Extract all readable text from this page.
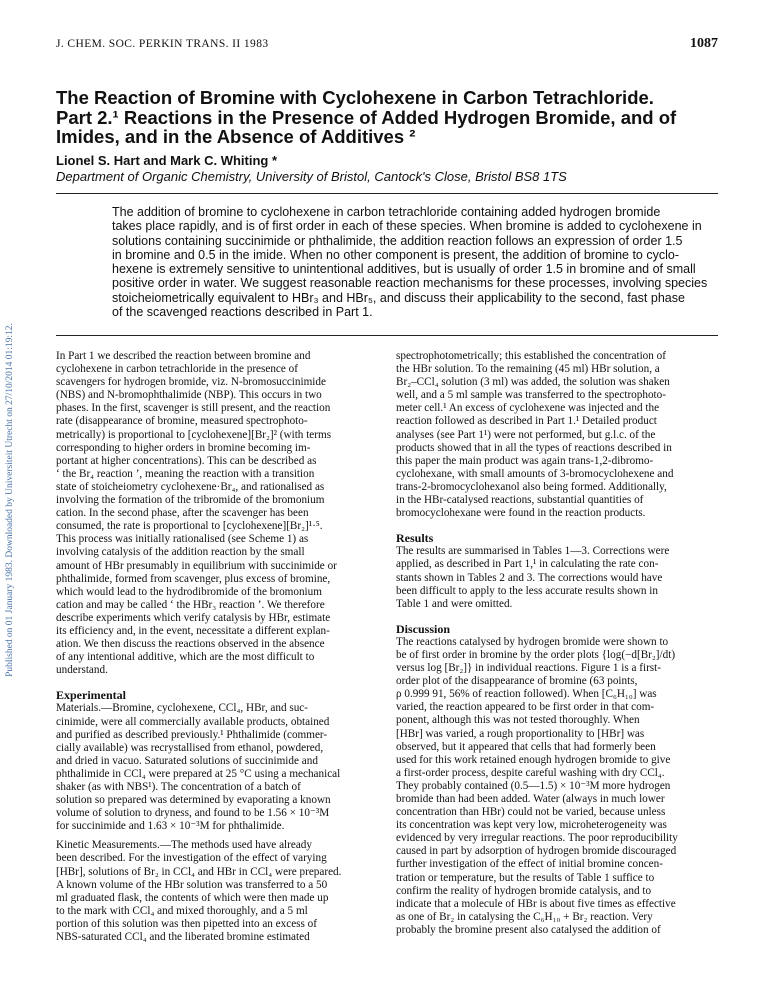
Published on 01 January 1983. Downloaded by Universiteit Utrecht on 27/10/2014 01:19:12.
J. CHEM. SOC. PERKIN TRANS. II 1983	1087
The Reaction of Bromine with Cyclohexene in Carbon Tetrachloride.
Part 2.¹ Reactions in the Presence of Added Hydrogen Bromide, and of
Imides, and in the Absence of Additives ²
Lionel S. Hart and Mark C. Whiting *
Department of Organic Chemistry, University of Bristol, Cantock's Close, Bristol BS8 1TS
The addition of bromine to cyclohexene in carbon tetrachloride containing added hydrogen bromide
takes place rapidly, and is of first order in each of these species. When bromine is added to cyclohexene in
solutions containing succinimide or phthalimide, the addition reaction follows an expression of order 1.5
in bromine and 0.5 in the imide. When no other component is present, the addition of bromine to cyclo-
hexene is extremely sensitive to unintentional additives, but is usually of order 1.5 in bromine and of small
positive order in water. We suggest reasonable reaction mechanisms for these processes, involving species
stoicheiometrically equivalent to HBr₃ and HBr₅, and discuss their applicability to the second, fast phase
of the scavenged reactions described in Part 1.
In Part 1 we described the reaction between bromine and
cyclohexene in carbon tetrachloride in the presence of
scavengers for hydrogen bromide, viz. N-bromosuccinimide
(NBS) and N-bromophthalimide (NBP). This occurs in two
phases. In the first, scavenger is still present, and the reaction
rate (disappearance of bromine, measured spectrophoto-
metrically) is proportional to [cyclohexene][Br₂]² (with terms
corresponding to higher orders in bromine becoming im-
portant at higher concentrations). This can be described as
‘ the Br₄ reaction ’, meaning the reaction with a transition
state of stoicheiometry cyclohexene·Br₄, and rationalised as
involving the formation of the tribromide of the bromonium
cation. In the second phase, after the scavenger has been
consumed, the rate is proportional to [cyclohexene][Br₂]¹·⁵.
This process was initially rationalised (see Scheme 1) as
involving catalysis of the addition reaction by the small
amount of HBr presumably in equilibrium with succinimide or
phthalimide, formed from scavenger, plus excess of bromine,
which would lead to the hydrodibromide of the bromonium
cation and may be called ‘ the HBr₃ reaction ’. We therefore
describe experiments which verify catalysis by HBr, estimate
its efficiency and, in the event, necessitate a different explan-
ation. We then discuss the reactions observed in the absence
of any intentional additive, which are the most difficult to
understand.

Experimental
Materials.—Bromine, cyclohexene, CCl₄, HBr, and suc-
cinimide, were all commercially available products, obtained
and purified as described previously.¹ Phthalimide (commer-
cially available) was recrystallised from ethanol, powdered,
and dried in vacuo. Saturated solutions of succinimide and
phthalimide in CCl₄ were prepared at 25 °C using a mechanical
shaker (as with NBS¹). The concentration of a batch of
solution so prepared was determined by evaporating a known
volume of solution to dryness, and found to be 1.56 × 10⁻³M
for succinimide and 1.63 × 10⁻³M for phthalimide.

Kinetic Measurements.—The methods used have already
been described. For the investigation of the effect of varying
[HBr], solutions of Br₂ in CCl₄ and HBr in CCl₄ were prepared.
A known volume of the HBr solution was transferred to a 50
ml graduated flask, the contents of which were then made up
to the mark with CCl₄ and mixed thoroughly, and a 5 ml
portion of this solution was then pipetted into an excess of
NBS-saturated CCl₄ and the liberated bromine estimated
spectrophotometrically; this established the concentration of
the HBr solution. To the remaining (45 ml) HBr solution, a
Br₂–CCl₄ solution (3 ml) was added, the solution was shaken
well, and a 5 ml sample was transferred to the spectrophoto-
meter cell.¹ An excess of cyclohexene was injected and the
reaction followed as described in Part 1.¹ Detailed product
analyses (see Part 1¹) were not performed, but g.l.c. of the
products showed that in all the types of reactions described in
this paper the main product was again trans-1,2-dibromo-
cyclohexane, with small amounts of 3-bromocyclohexene and
trans-2-bromocyclohexanol also being formed. Additionally,
in the HBr-catalysed reactions, substantial quantities of
bromocyclohexane were found in the reaction products.

Results
The results are summarised in Tables 1—3. Corrections were
applied, as described in Part 1,¹ in calculating the rate con-
stants shown in Tables 2 and 3. The corrections would have
been difficult to apply to the less accurate results shown in
Table 1 and were omitted.

Discussion
The reactions catalysed by hydrogen bromide were shown to
be of first order in bromine by the order plots {log(−d[Br₂]/dt)
versus log [Br₂]} in individual reactions. Figure 1 is a first-
order plot of the disappearance of bromine (63 points,
ρ 0.999 91, 56% of reaction followed). When [C₆H₁₀] was
varied, the reaction appeared to be first order in that com-
ponent, although this was not tested thoroughly. When
[HBr] was varied, a rough proportionality to [HBr] was
observed, but it appeared that cells that had formerly been
used for this work retained enough hydrogen bromide to give
a first-order process, despite careful washing with dry CCl₄.
They probably contained (0.5—1.5) × 10⁻³M more hydrogen
bromide than had been added. Water (always in much lower
concentration than HBr) could not be varied, because unless
its concentration was kept very low, microheterogeneity was
evidenced by very irregular reactions. The poor reproducibility
caused in part by adsorption of hydrogen bromide discouraged
further investigation of the effect of initial bromine concen-
tration or temperature, but the results of Table 1 suffice to
confirm the reality of hydrogen bromide catalysis, and to
indicate that a molecule of HBr is about five times as effective
as one of Br₂ in catalysing the C₆H₁₀ + Br₂ reaction. Very
probably the bromine present also catalysed the addition of
